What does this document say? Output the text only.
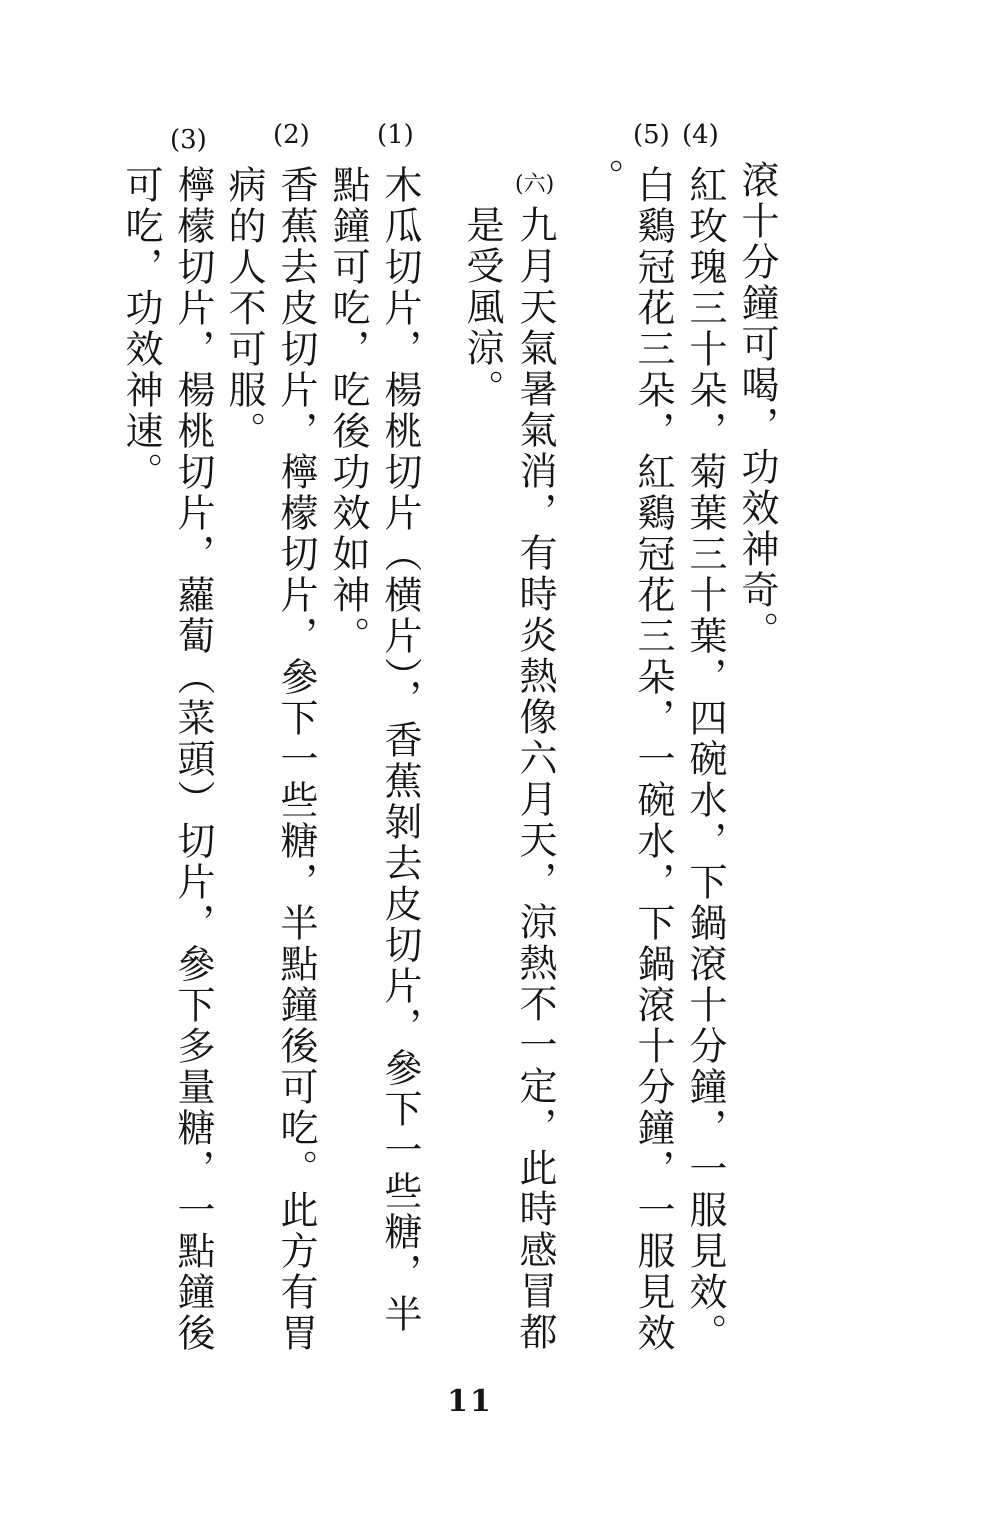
滾十分鐘可喝，功效神奇。
(4)
紅玫瑰三十朵，菊葉三十葉，四碗水，下鍋滾十分鐘，一服見效。
(5)
白鷄冠花三朵，紅鷄冠花三朵，一碗水，下鍋滾十分鐘，一服見效
。
(六)
九月天氣暑氣消，有時炎熱像六月天，涼熱不一定，此時感冒都
是受風涼。
(1)
木瓜切片，楊桃切片（横片），香蕉剝去皮切片，參下一些糖，半
點鐘可吃，吃後功效如神。
(2)
香蕉去皮切片，檸檬切片，參下一些糖，半點鐘後可吃。此方有胃
病的人不可服。
(3)
檸檬切片，楊桃切片，蘿蔔（菜頭）切片，參下多量糖，一點鐘後
可吃，功效神速。
11
